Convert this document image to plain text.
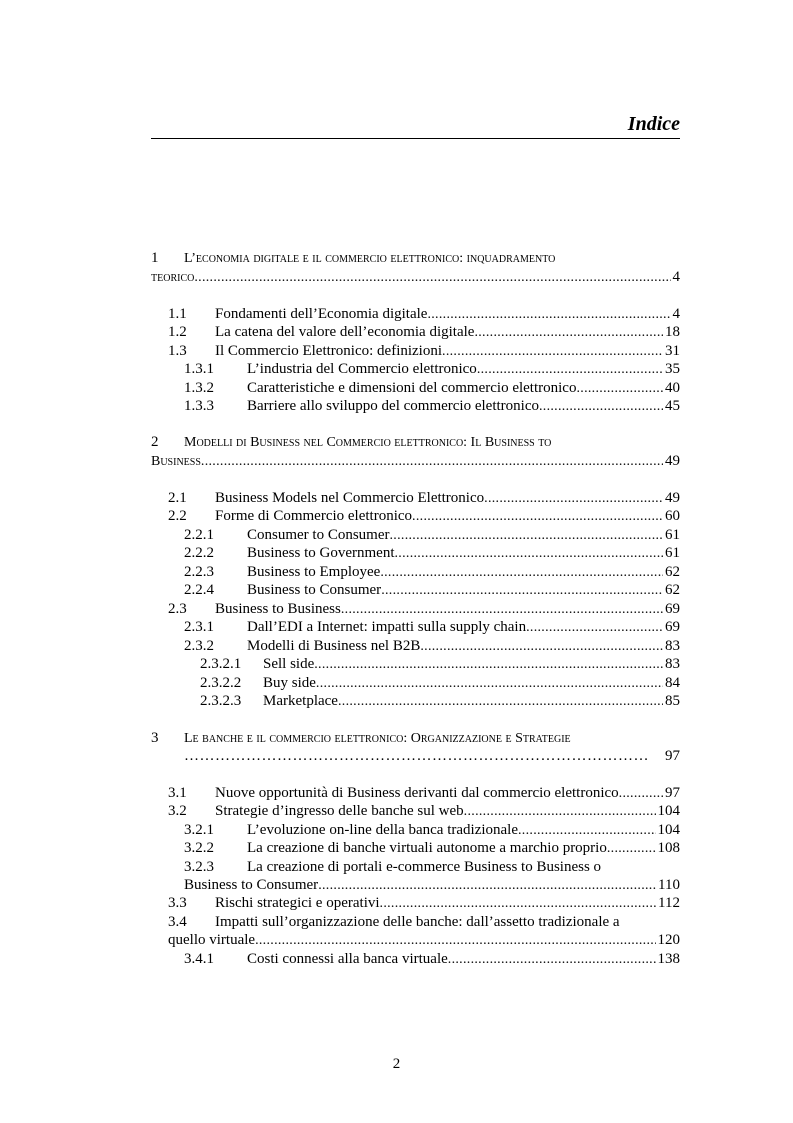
Indice
1	L’economia digitale e il commercio elettronico: inquadramento
teorico . . .	4
1.1	Fondamenti dell’Economia digitale . . .	4
1.2	La catena del valore dell’economia digitale . . .	18
1.3	Il Commercio Elettronico: definizioni . . .	31
1.3.1	L’industria del Commercio elettronico . . .	35
1.3.2	Caratteristiche e dimensioni del commercio elettronico . . .	40
1.3.3	Barriere allo sviluppo del commercio elettronico . . .	45
2	Modelli di Business nel Commercio elettronico: Il Business to
Business . . .	49
2.1	Business Models nel Commercio Elettronico . . .	49
2.2	Forme di Commercio elettronico . . .	60
2.2.1	Consumer to Consumer . . .	61
2.2.2	Business to Government . . .	61
2.2.3	Business to Employee . . .	62
2.2.4	Business to Consumer . . .	62
2.3	Business to Business . . .	69
2.3.1	Dall’EDI a Internet: impatti sulla supply chain . . .	69
2.3.2	Modelli di Business nel B2B . . .	83
2.3.2.1	Sell side . . .	83
2.3.2.2	Buy side . . .	84
2.3.2.3	Marketplace . . .	85
3	Le banche e il commercio elettronico: Organizzazione e Strategie
………………………………………………………………………………	97
3.1	Nuove opportunità di Business derivanti dal commercio elettronico . . .	97
3.2	Strategie d’ingresso delle banche sul web . . .	104
3.2.1	L’evoluzione on-line della banca tradizionale . . .	104
3.2.2	La creazione di banche virtuali autonome a marchio proprio . . .	108
3.2.3	La creazione di portali e-commerce Business to Business o
Business to Consumer . . .	110
3.3	Rischi strategici e operativi . . .	112
3.4	Impatti sull’organizzazione delle banche: dall’assetto tradizionale a
quello virtuale . . .	120
3.4.1	Costi connessi alla banca virtuale . . .	138
2
